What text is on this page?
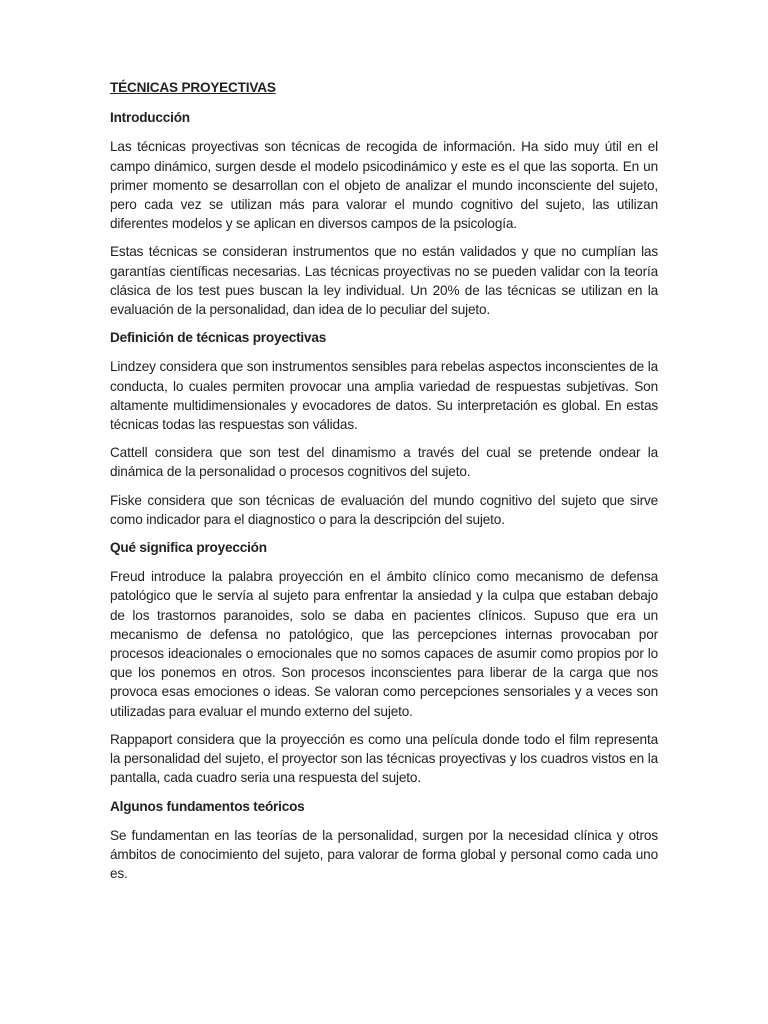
TÉCNICAS PROYECTIVAS
Introducción

Las técnicas proyectivas son técnicas de recogida de información. Ha sido muy útil en el campo dinámico, surgen desde el modelo psicodinámico y este es el que las soporta. En un primer momento se desarrollan con el objeto de analizar el mundo inconsciente del sujeto, pero cada vez se utilizan más para valorar el mundo cognitivo del sujeto, las utilizan diferentes modelos y se aplican en diversos campos de la psicología.

Estas técnicas se consideran instrumentos que no están validados y que no cumplían las garantías científicas necesarias. Las técnicas proyectivas no se pueden validar con la teoría clásica de los test pues buscan la ley individual. Un 20% de las técnicas se utilizan en la evaluación de la personalidad, dan idea de lo peculiar del sujeto.

Definición de técnicas proyectivas

Lindzey considera que son instrumentos sensibles para rebelas aspectos inconscientes de la conducta, lo cuales permiten provocar una amplia variedad de respuestas subjetivas. Son altamente multidimensionales y evocadores de datos. Su interpretación es global. En estas técnicas todas las respuestas son válidas.

Cattell considera que son test del dinamismo a través del cual se pretende ondear la dinámica de la personalidad o procesos cognitivos del sujeto.

Fiske considera que son técnicas de evaluación del mundo cognitivo del sujeto que sirve como indicador para el diagnostico o para la descripción del sujeto.

Qué significa proyección

Freud introduce la palabra proyección en el ámbito clínico como mecanismo de defensa patológico que le servía al sujeto para enfrentar la ansiedad y la culpa que estaban debajo de los trastornos paranoides, solo se daba en pacientes clínicos. Supuso que era un mecanismo de defensa no patológico, que las percepciones internas provocaban por procesos ideacionales o emocionales que no somos capaces de asumir como propios por lo que los ponemos en otros. Son procesos inconscientes para liberar de la carga que nos provoca esas emociones o ideas. Se valoran como percepciones sensoriales y a veces son utilizadas para evaluar el mundo externo del sujeto.

Rappaport considera que la proyección es como una película donde todo el film representa la personalidad del sujeto, el proyector son las técnicas proyectivas y los cuadros vistos en la pantalla, cada cuadro seria una respuesta del sujeto.

Algunos fundamentos teóricos

Se fundamentan en las teorías de la personalidad, surgen por la necesidad clínica y otros ámbitos de conocimiento del sujeto, para valorar de forma global y personal como cada uno es.
